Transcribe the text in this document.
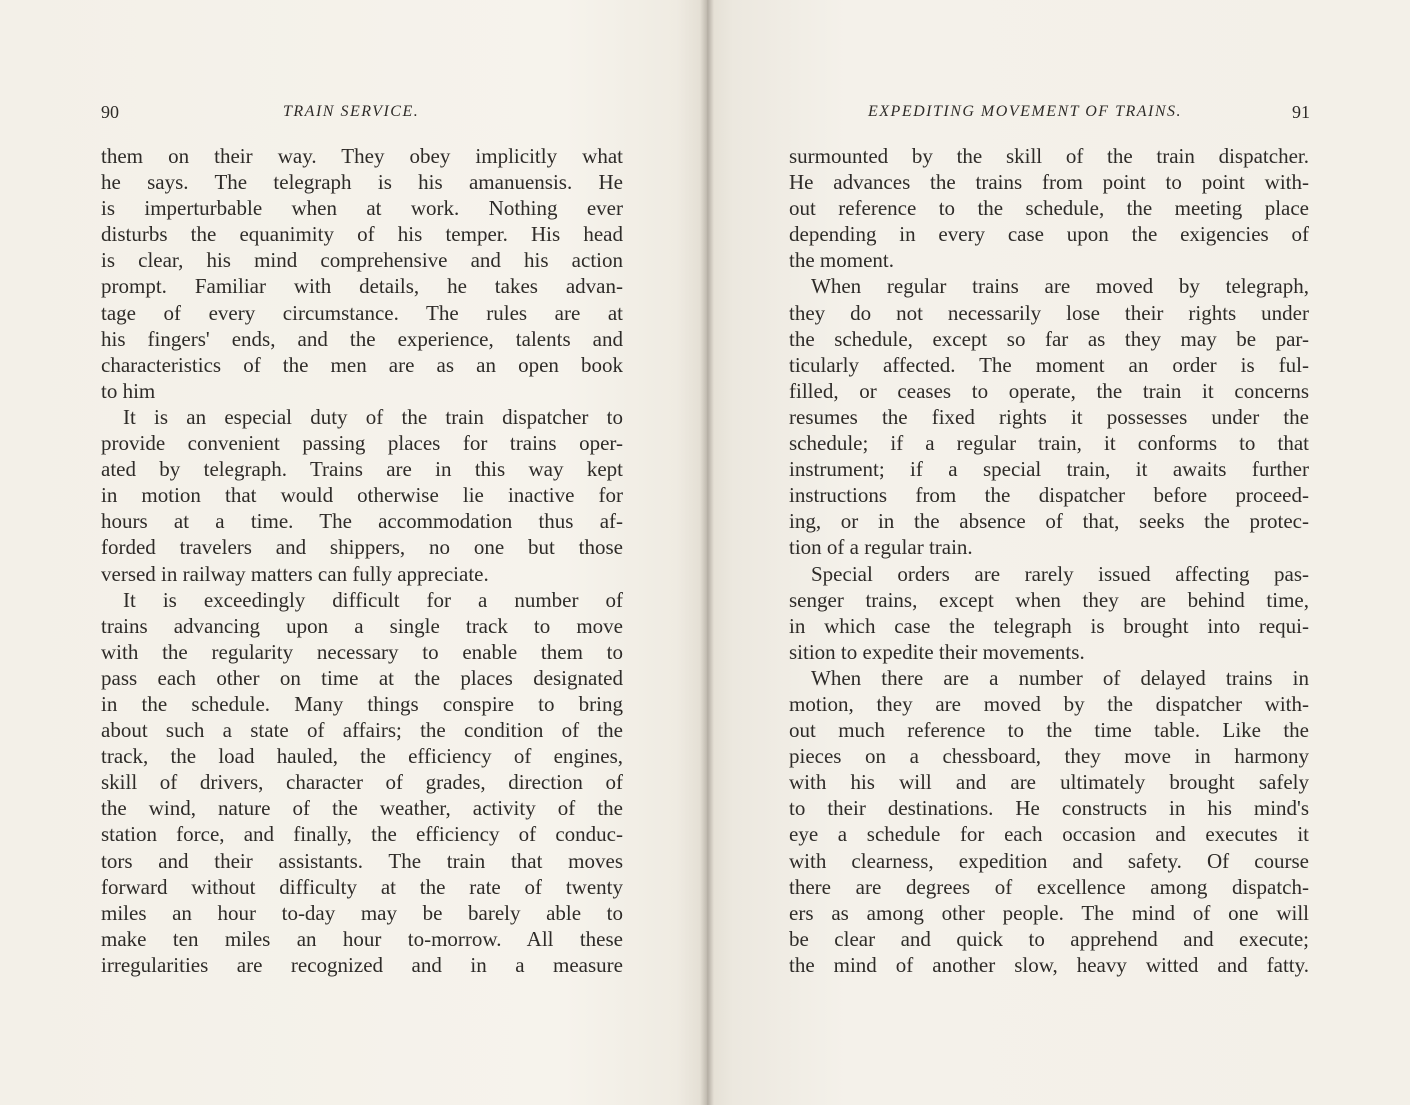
90	TRAIN SERVICE.
them on their way. They obey implicitly what
he says. The telegraph is his amanuensis. He
is imperturbable when at work. Nothing ever
disturbs the equanimity of his temper. His head
is clear, his mind comprehensive and his action
prompt. Familiar with details, he takes advan-
tage of every circumstance. The rules are at
his fingers' ends, and the experience, talents and
characteristics of the men are as an open book
to him
It is an especial duty of the train dispatcher to
provide convenient passing places for trains oper-
ated by telegraph. Trains are in this way kept
in motion that would otherwise lie inactive for
hours at a time. The accommodation thus af-
forded travelers and shippers, no one but those
versed in railway matters can fully appreciate.
It is exceedingly difficult for a number of
trains advancing upon a single track to move
with the regularity necessary to enable them to
pass each other on time at the places designated
in the schedule. Many things conspire to bring
about such a state of affairs; the condition of the
track, the load hauled, the efficiency of engines,
skill of drivers, character of grades, direction of
the wind, nature of the weather, activity of the
station force, and finally, the efficiency of conduc-
tors and their assistants. The train that moves
forward without difficulty at the rate of twenty
miles an hour to-day may be barely able to
make ten miles an hour to-morrow. All these
irregularities are recognized and in a measure
EXPEDITING MOVEMENT OF TRAINS.	91
surmounted by the skill of the train dispatcher.
He advances the trains from point to point with-
out reference to the schedule, the meeting place
depending in every case upon the exigencies of
the moment.
When regular trains are moved by telegraph,
they do not necessarily lose their rights under
the schedule, except so far as they may be par-
ticularly affected. The moment an order is ful-
filled, or ceases to operate, the train it concerns
resumes the fixed rights it possesses under the
schedule; if a regular train, it conforms to that
instrument; if a special train, it awaits further
instructions from the dispatcher before proceed-
ing, or in the absence of that, seeks the protec-
tion of a regular train.
Special orders are rarely issued affecting pas-
senger trains, except when they are behind time,
in which case the telegraph is brought into requi-
sition to expedite their movements.
When there are a number of delayed trains in
motion, they are moved by the dispatcher with-
out much reference to the time table. Like the
pieces on a chessboard, they move in harmony
with his will and are ultimately brought safely
to their destinations. He constructs in his mind's
eye a schedule for each occasion and executes it
with clearness, expedition and safety. Of course
there are degrees of excellence among dispatch-
ers as among other people. The mind of one will
be clear and quick to apprehend and execute;
the mind of another slow, heavy witted and fatty.
